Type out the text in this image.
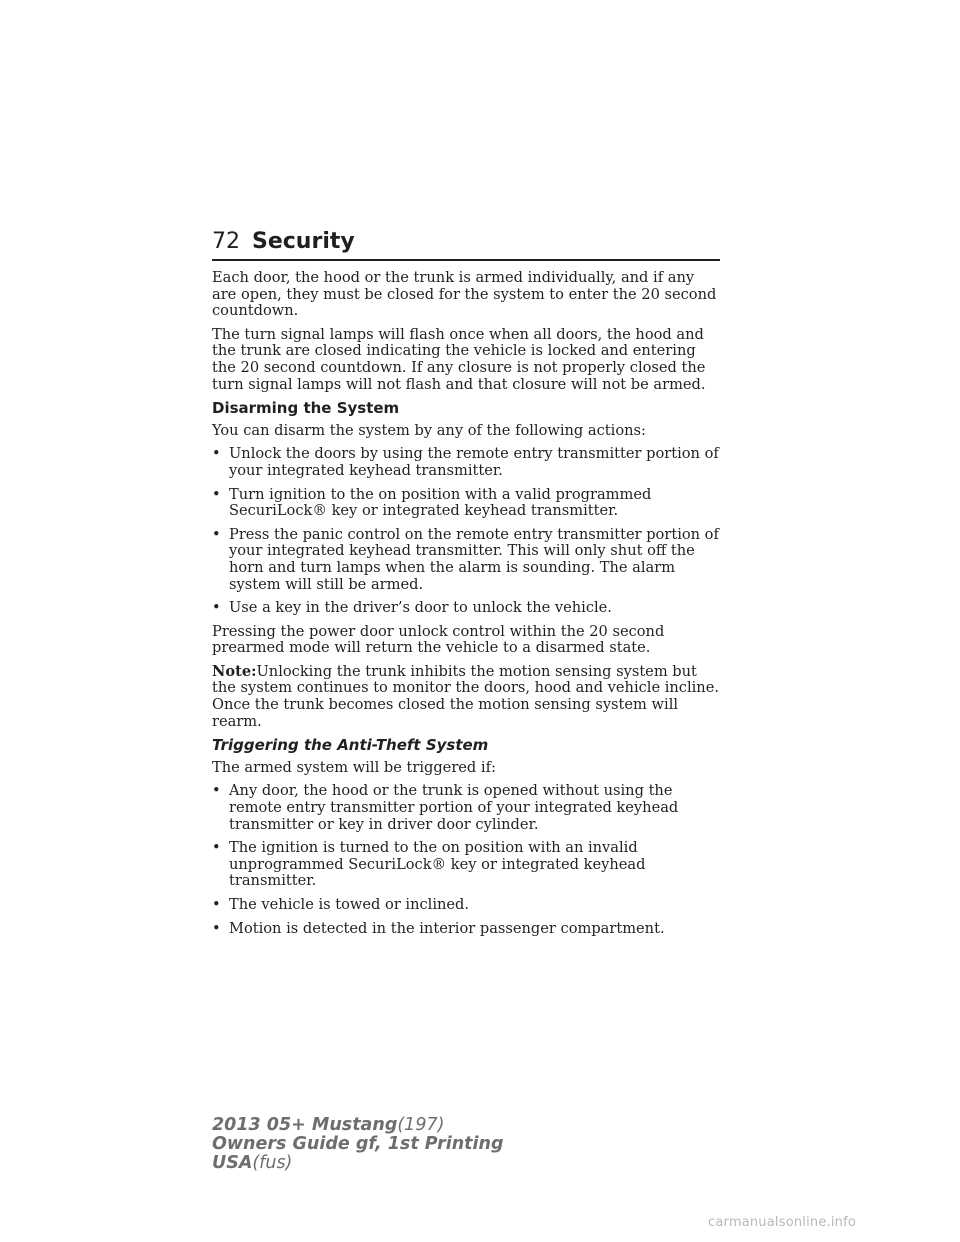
72 Security

Each door, the hood or the trunk is armed individually, and if any are open, they must be closed for the system to enter the 20 second countdown.

The turn signal lamps will flash once when all doors, the hood and the trunk are closed indicating the vehicle is locked and entering the 20 second countdown. If any closure is not properly closed the turn signal lamps will not flash and that closure will not be armed.

Disarming the System

You can disarm the system by any of the following actions:

• Unlock the doors by using the remote entry transmitter portion of your integrated keyhead transmitter.
• Turn ignition to the on position with a valid programmed SecuriLock® key or integrated keyhead transmitter.
• Press the panic control on the remote entry transmitter portion of your integrated keyhead transmitter. This will only shut off the horn and turn lamps when the alarm is sounding. The alarm system will still be armed.
• Use a key in the driver’s door to unlock the vehicle.

Pressing the power door unlock control within the 20 second prearmed mode will return the vehicle to a disarmed state.

Note:Unlocking the trunk inhibits the motion sensing system but the system continues to monitor the doors, hood and vehicle incline. Once the trunk becomes closed the motion sensing system will rearm.

Triggering the Anti-Theft System

The armed system will be triggered if:

• Any door, the hood or the trunk is opened without using the remote entry transmitter portion of your integrated keyhead transmitter or key in driver door cylinder.
• The ignition is turned to the on position with an invalid unprogrammed SecuriLock® key or integrated keyhead transmitter.
• The vehicle is towed or inclined.
• Motion is detected in the interior passenger compartment.
2013 05+ Mustang(197)
Owners Guide gf, 1st Printing
USA(fus)
carmanualsonline.info
